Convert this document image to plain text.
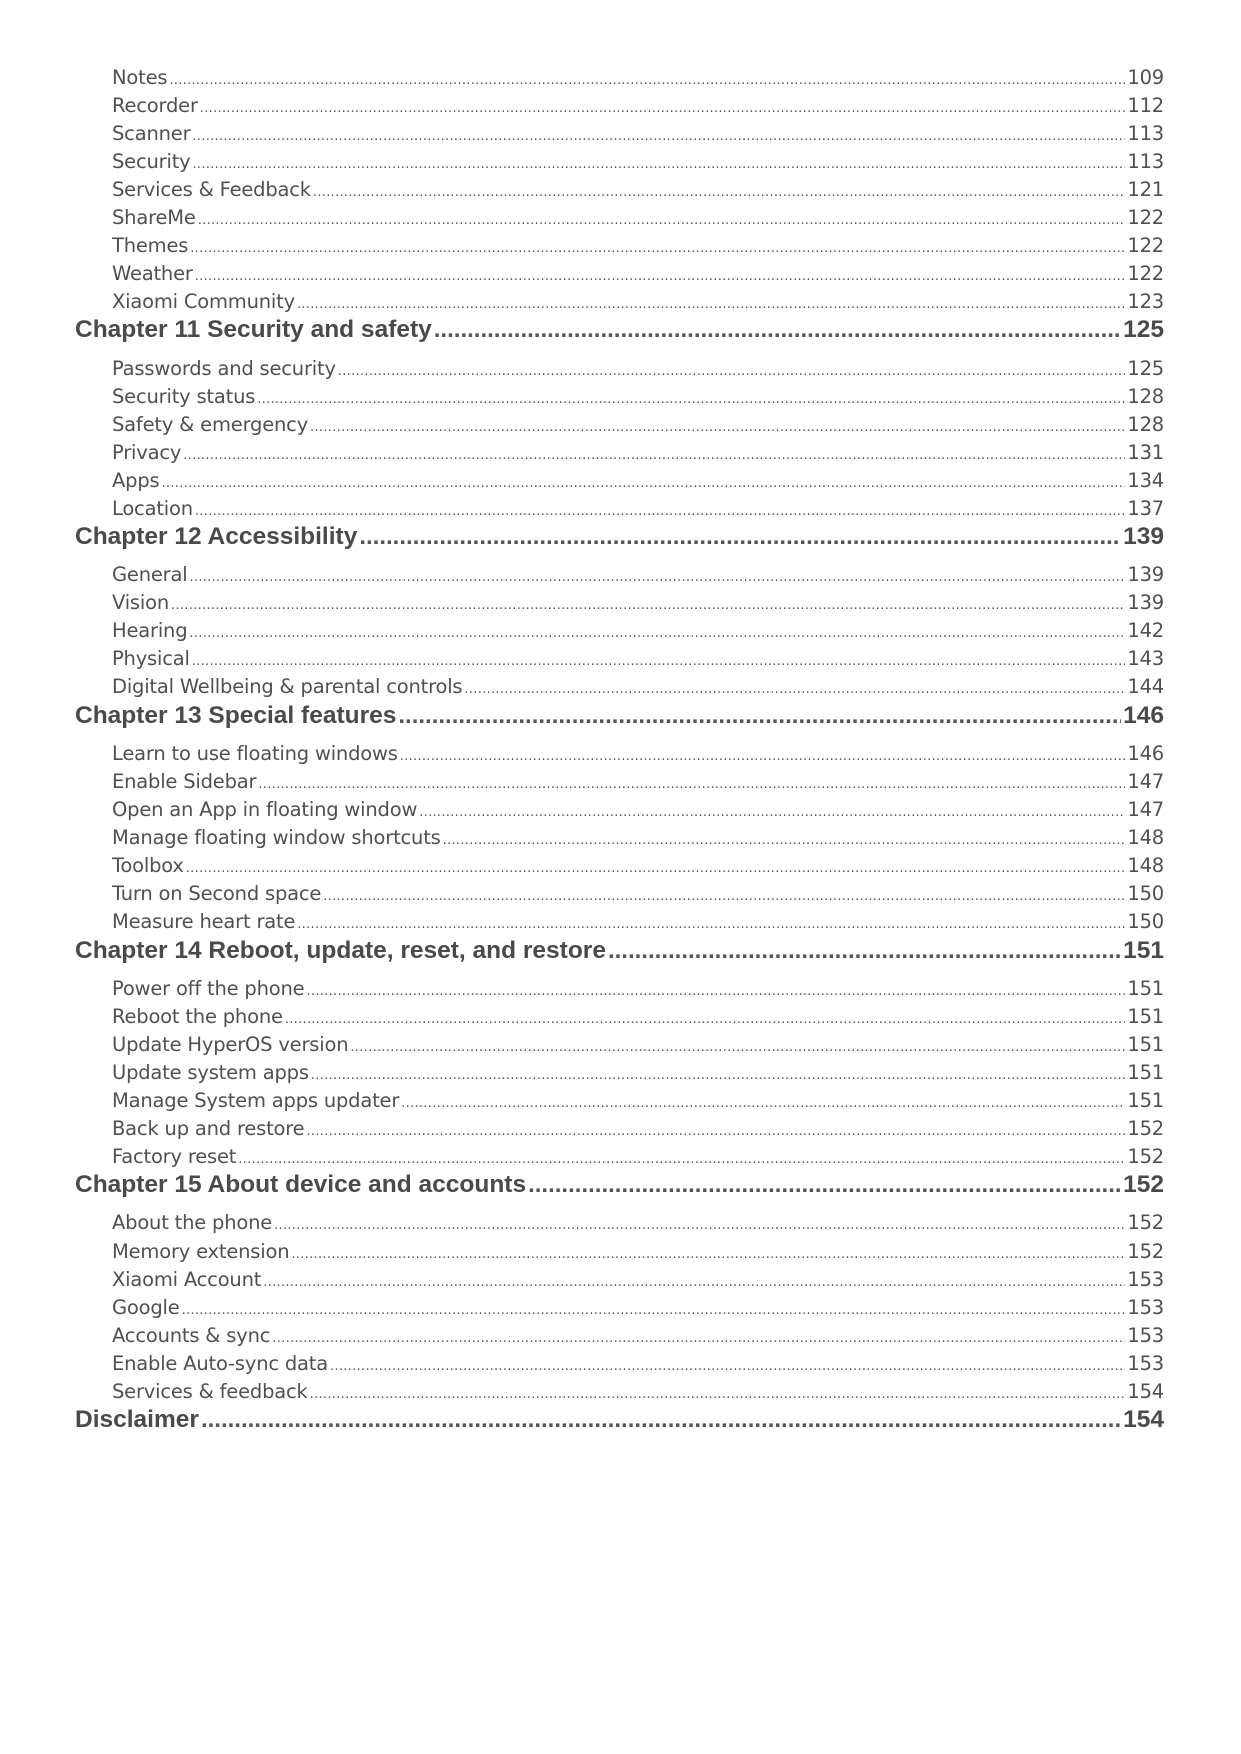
Notes .....	109
Recorder .....	112
Scanner .....	113
Security .....	113
Services & Feedback .....	121
ShareMe .....	122
Themes .....	122
Weather .....	122
Xiaomi Community .....	123
Chapter 11 Security and safety .....	125
Passwords and security .....	125
Security status .....	128
Safety & emergency .....	128
Privacy .....	131
Apps .....	134
Location .....	137
Chapter 12 Accessibility .....	139
General .....	139
Vision .....	139
Hearing .....	142
Physical .....	143
Digital Wellbeing & parental controls .....	144
Chapter 13 Special features .....	146
Learn to use floating windows .....	146
Enable Sidebar .....	147
Open an App in floating window .....	147
Manage floating window shortcuts .....	148
Toolbox .....	148
Turn on Second space .....	150
Measure heart rate .....	150
Chapter 14 Reboot, update, reset, and restore .....	151
Power off the phone .....	151
Reboot the phone .....	151
Update HyperOS version .....	151
Update system apps .....	151
Manage System apps updater .....	151
Back up and restore .....	152
Factory reset .....	152
Chapter 15 About device and accounts .....	152
About the phone .....	152
Memory extension .....	152
Xiaomi Account .....	153
Google .....	153
Accounts & sync .....	153
Enable Auto-sync data .....	153
Services & feedback .....	154
Disclaimer .....	154
